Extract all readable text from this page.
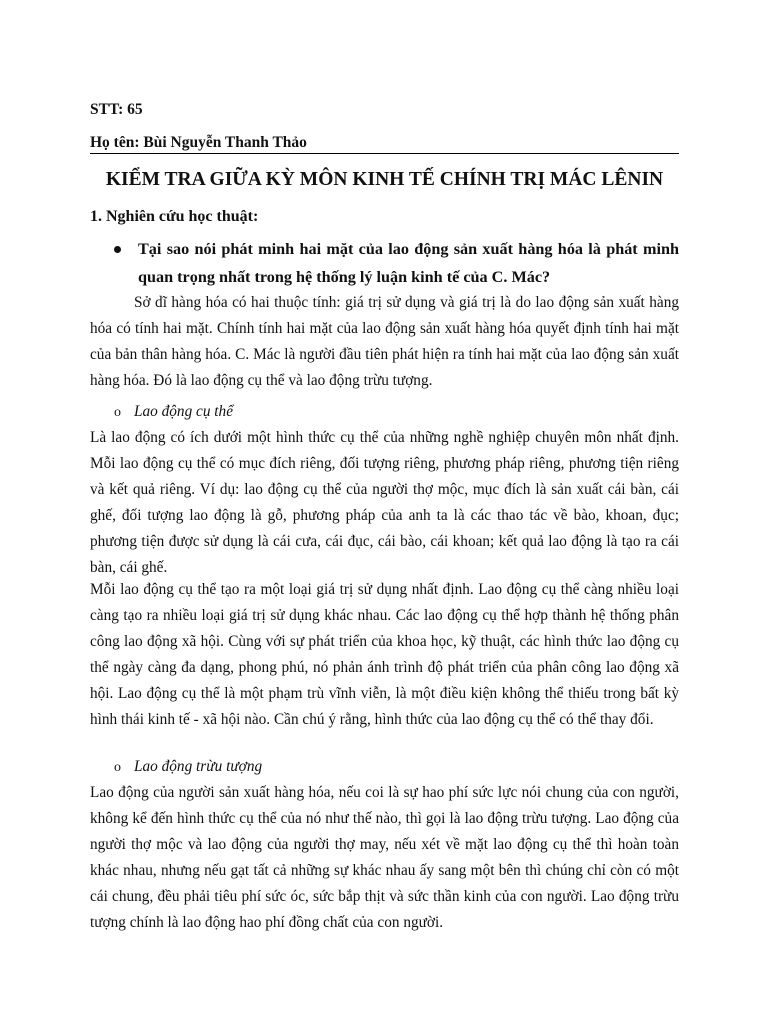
STT: 65
Họ tên: Bùi Nguyễn Thanh Thảo
KIỂM TRA GIỮA KỲ MÔN KINH TẾ CHÍNH TRỊ MÁC LÊNIN
1. Nghiên cứu học thuật:
Tại sao nói phát minh hai mặt của lao động sản xuất hàng hóa là phát minh quan trọng nhất trong hệ thống lý luận kinh tế của C. Mác?
Sở dĩ hàng hóa có hai thuộc tính: giá trị sử dụng và giá trị là do lao động sản xuất hàng hóa có tính hai mặt. Chính tính hai mặt của lao động sản xuất hàng hóa quyết định tính hai mặt của bản thân hàng hóa. C. Mác là người đầu tiên phát hiện ra tính hai mặt của lao động sản xuất hàng hóa. Đó là lao động cụ thể và lao động trừu tượng.
o Lao động cụ thể
Là lao động có ích dưới một hình thức cụ thể của những nghề nghiệp chuyên môn nhất định. Mỗi lao động cụ thể có mục đích riêng, đối tượng riêng, phương pháp riêng, phương tiện riêng và kết quả riêng. Ví dụ: lao động cụ thể của người thợ mộc, mục đích là sản xuất cái bàn, cái ghế, đối tượng lao động là gỗ, phương pháp của anh ta là các thao tác về bào, khoan, đục; phương tiện được sử dụng là cái cưa, cái đục, cái bào, cái khoan; kết quả lao động là tạo ra cái bàn, cái ghế.
Mỗi lao động cụ thể tạo ra một loại giá trị sử dụng nhất định. Lao động cụ thể càng nhiều loại càng tạo ra nhiều loại giá trị sử dụng khác nhau. Các lao động cụ thể hợp thành hệ thống phân công lao động xã hội. Cùng với sự phát triển của khoa học, kỹ thuật, các hình thức lao động cụ thể ngày càng đa dạng, phong phú, nó phản ánh trình độ phát triển của phân công lao động xã hội. Lao động cụ thể là một phạm trù vĩnh viễn, là một điều kiện không thể thiếu trong bất kỳ hình thái kinh tế - xã hội nào. Cần chú ý rằng, hình thức của lao động cụ thể có thể thay đổi.
o Lao động trừu tượng
Lao động của người sản xuất hàng hóa, nếu coi là sự hao phí sức lực nói chung của con người, không kể đến hình thức cụ thể của nó như thế nào, thì gọi là lao động trừu tượng. Lao động của người thợ mộc và lao động của người thợ may, nếu xét về mặt lao động cụ thể thì hoàn toàn khác nhau, nhưng nếu gạt tất cả những sự khác nhau ấy sang một bên thì chúng chỉ còn có một cái chung, đều phải tiêu phí sức óc, sức bắp thịt và sức thần kinh của con người. Lao động trừu tượng chính là lao động hao phí đồng chất của con người.
